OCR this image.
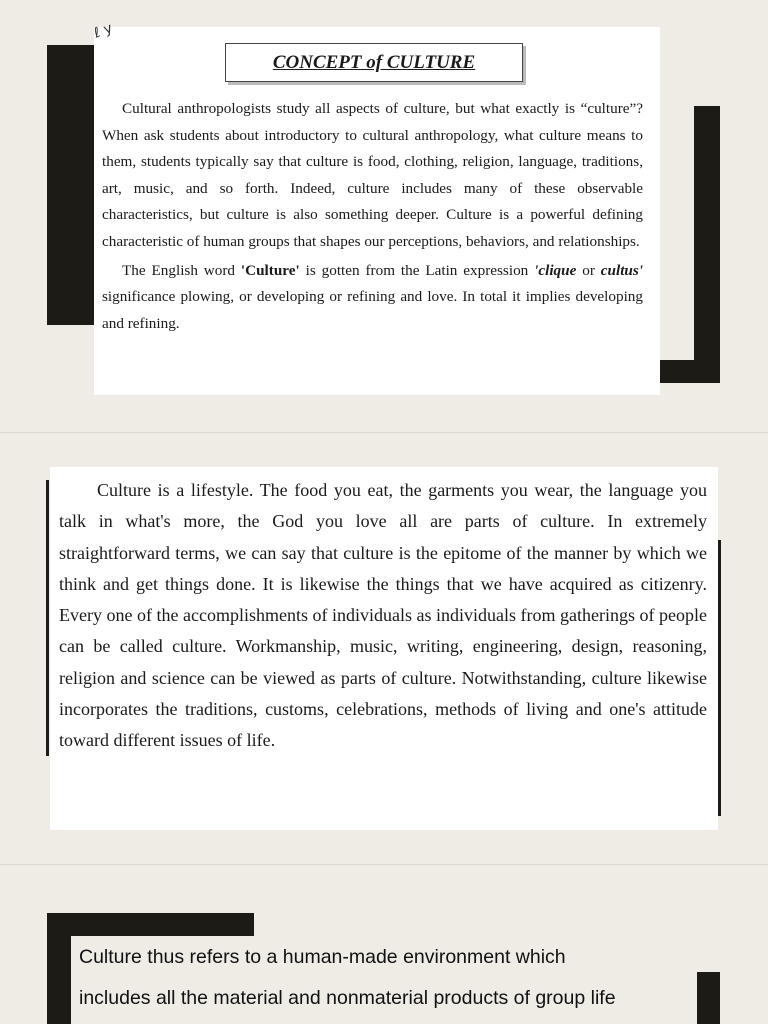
ℓ y
CONCEPT of CULTURE

Cultural anthropologists study all aspects of culture, but what exactly is “culture”? When ask students about introductory to cultural anthropology, what culture means to them, students typically say that culture is food, clothing, religion, language, traditions, art, music, and so forth. Indeed, culture includes many of these observable characteristics, but culture is also something deeper. Culture is a powerful defining characteristic of human groups that shapes our perceptions, behaviors, and relationships.

The English word 'Culture' is gotten from the Latin expression 'clique or cultus' significance plowing, or developing or refining and love. In total it implies developing and refining.

Culture is a lifestyle. The food you eat, the garments you wear, the language you talk in what's more, the God you love all are parts of culture. In extremely straightforward terms, we can say that culture is the epitome of the manner by which we think and get things done. It is likewise the things that we have acquired as citizenry. Every one of the accomplishments of individuals as individuals from gatherings of people can be called culture. Workmanship, music, writing, engineering, design, reasoning, religion and science can be viewed as parts of culture. Notwithstanding, culture likewise incorporates the traditions, customs, celebrations, methods of living and one's attitude toward different issues of life.

Culture thus refers to a human-made environment which

includes all the material and nonmaterial products of group life
